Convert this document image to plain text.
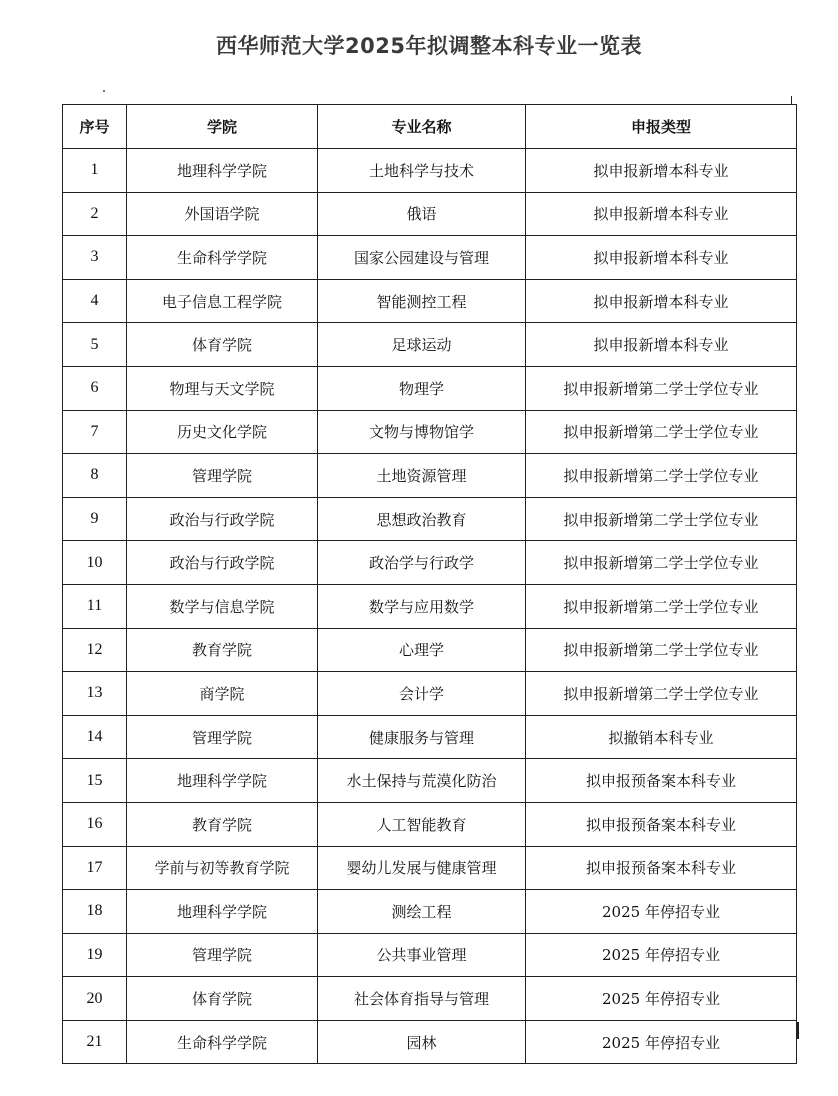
西华师范大学2025年拟调整本科专业一览表
序号	学院	专业名称	申报类型
1	地理科学学院	土地科学与技术	拟申报新增本科专业
2	外国语学院	俄语	拟申报新增本科专业
3	生命科学学院	国家公园建设与管理	拟申报新增本科专业
4	电子信息工程学院	智能测控工程	拟申报新增本科专业
5	体育学院	足球运动	拟申报新增本科专业
6	物理与天文学院	物理学	拟申报新增第二学士学位专业
7	历史文化学院	文物与博物馆学	拟申报新增第二学士学位专业
8	管理学院	土地资源管理	拟申报新增第二学士学位专业
9	政治与行政学院	思想政治教育	拟申报新增第二学士学位专业
10	政治与行政学院	政治学与行政学	拟申报新增第二学士学位专业
11	数学与信息学院	数学与应用数学	拟申报新增第二学士学位专业
12	教育学院	心理学	拟申报新增第二学士学位专业
13	商学院	会计学	拟申报新增第二学士学位专业
14	管理学院	健康服务与管理	拟撤销本科专业
15	地理科学学院	水土保持与荒漠化防治	拟申报预备案本科专业
16	教育学院	人工智能教育	拟申报预备案本科专业
17	学前与初等教育学院	婴幼儿发展与健康管理	拟申报预备案本科专业
18	地理科学学院	测绘工程	2025 年停招专业
19	管理学院	公共事业管理	2025 年停招专业
20	体育学院	社会体育指导与管理	2025 年停招专业
21	生命科学学院	园林	2025 年停招专业
